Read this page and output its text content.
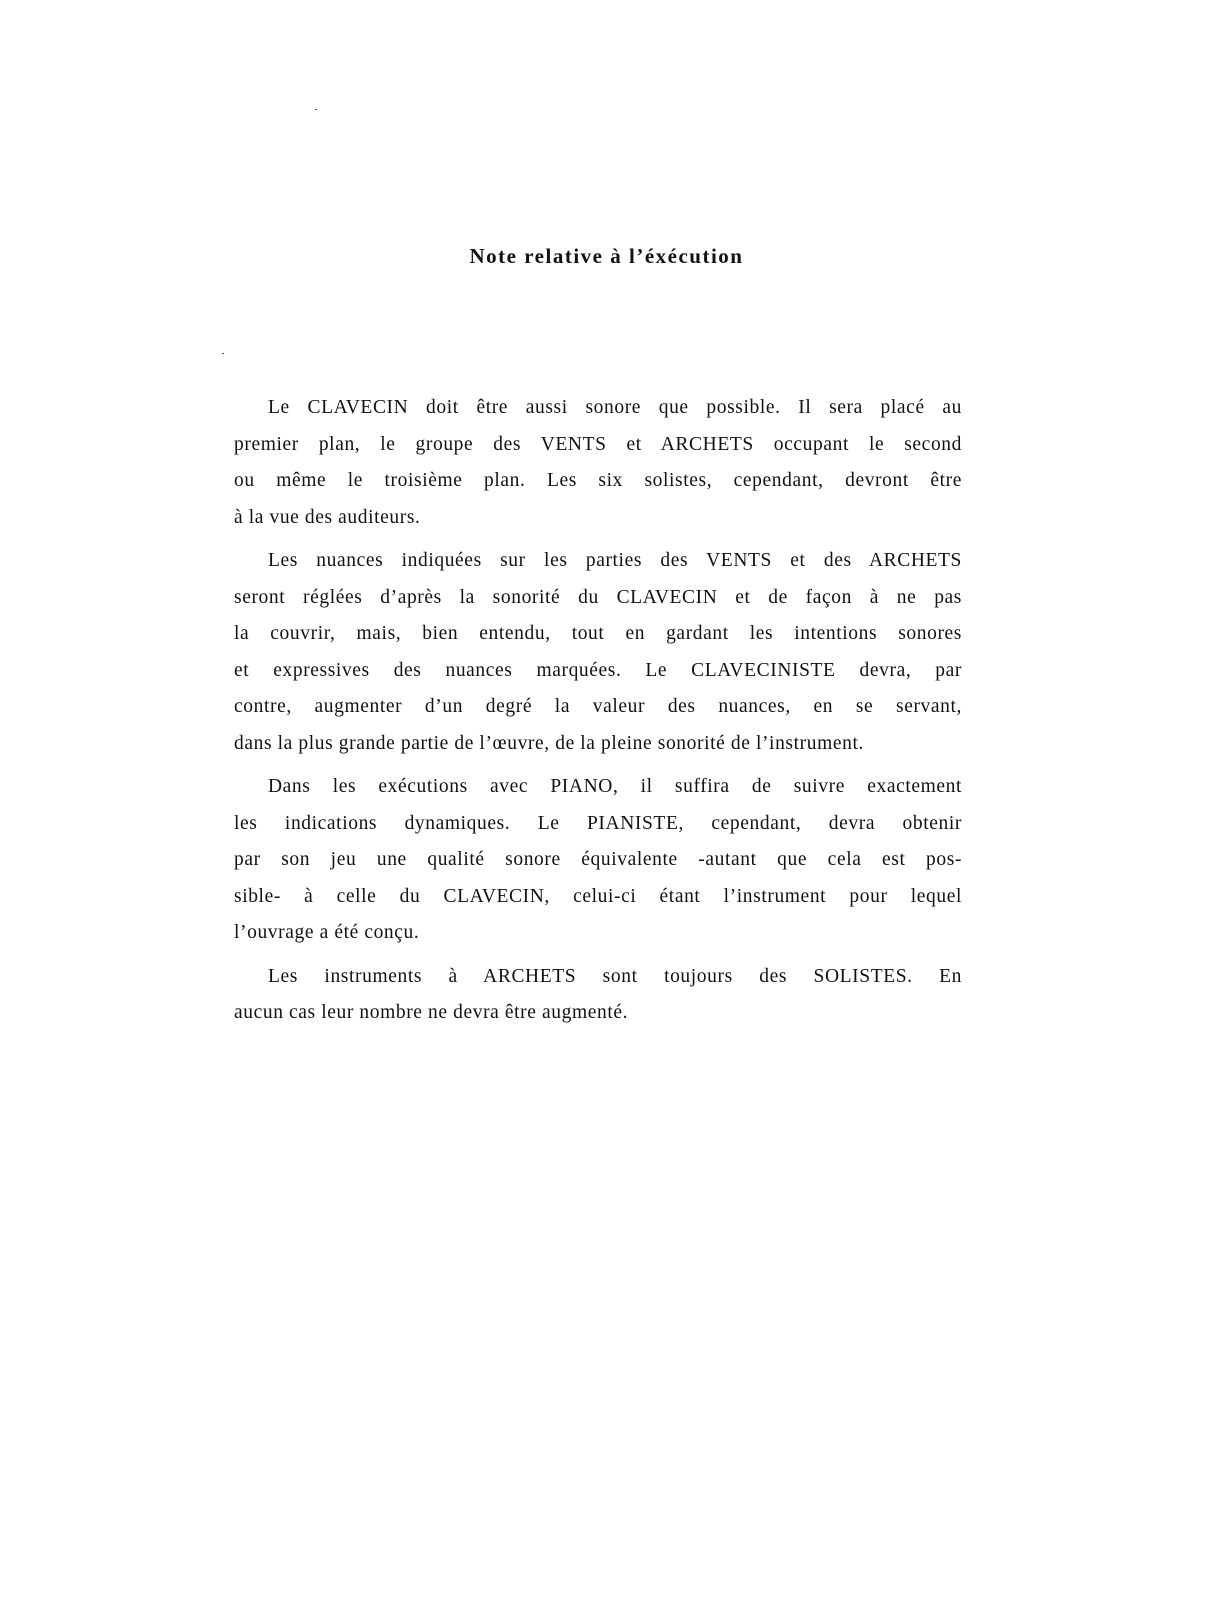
Note relative à l’éxécution

Le CLAVECIN doit être aussi sonore que possible. Il sera placé au
premier plan, le groupe des VENTS et ARCHETS occupant le second
ou même le troisième plan. Les six solistes, cependant, devront être
à la vue des auditeurs.

Les nuances indiquées sur les parties des VENTS et des ARCHETS
seront réglées d’après la sonorité du CLAVECIN et de façon à ne pas
la couvrir, mais, bien entendu, tout en gardant les intentions sonores
et expressives des nuances marquées. Le CLAVECINISTE devra, par
contre, augmenter d’un degré la valeur des nuances, en se servant,
dans la plus grande partie de l’œuvre, de la pleine sonorité de l’instrument.

Dans les exécutions avec PIANO, il suffira de suivre exactement
les indications dynamiques. Le PIANISTE, cependant, devra obtenir
par son jeu une qualité sonore équivalente -autant que cela est pos-
sible- à celle du CLAVECIN, celui-ci étant l’instrument pour lequel
l’ouvrage a été conçu.

Les instruments à ARCHETS sont toujours des SOLISTES. En
aucun cas leur nombre ne devra être augmenté.
